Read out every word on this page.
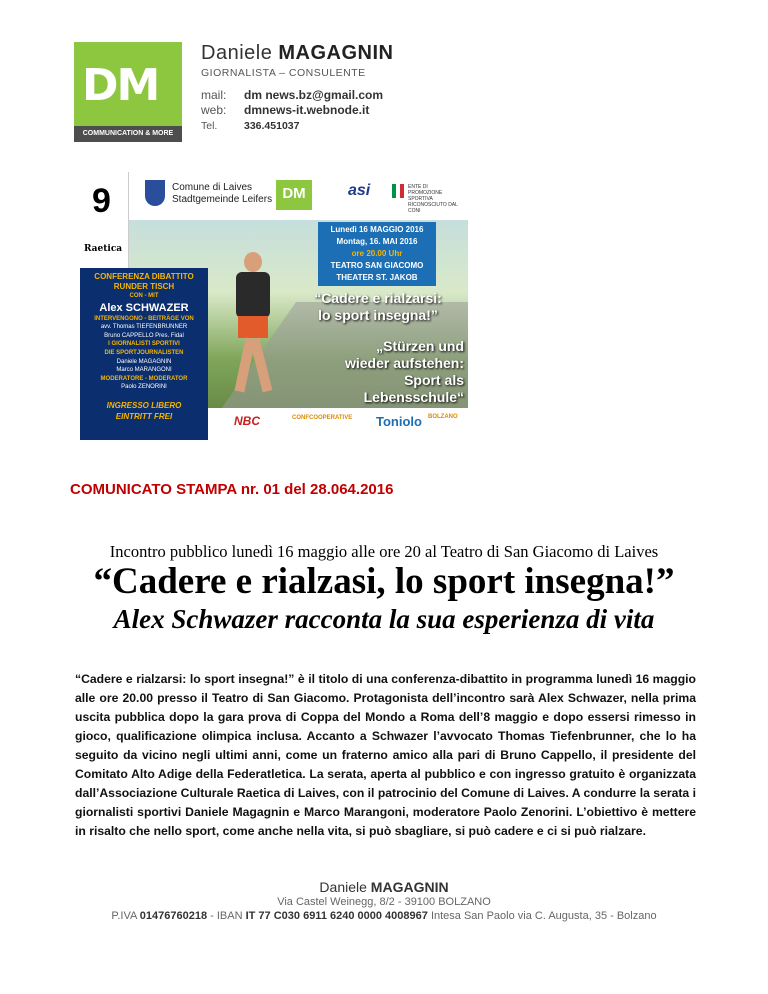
DM
COMMUNICATION & MORE
Daniele MAGAGNIN
GIORNALISTA – CONSULENTE
mail: dm news.bz@gmail.com
web: dmnews-it.webnode.it
Tel.	336.451037
9
Raetica
Comune di Laives
Stadtgemeinde Leifers DM	asi	ENTE DI PROMOZIONE SPORTIVA RICONOSCIUTO DAL CONI
Lunedì 16 MAGGIO 2016
Montag, 16. MAI 2016
ore 20.00 Uhr
TEATRO SAN GIACOMO
THEATER ST. JAKOB
“Cadere e rialzarsi:
lo sport insegna!”
„Stürzen und
wieder aufstehen:
Sport als
Lebensschule“
CONFERENZA DIBATTITO
RUNDER TISCH
CON - MIT
Alex SCHWAZER
INTERVENGONO - BEITRÄGE VON
avv. Thomas TIEFENBRUNNER
Bruno CAPPELLO Pres. Fidal
I GIORNALISTI SPORTIVI
DIE SPORTJOURNALISTEN
Daniele MAGAGNIN
Marco MARANGONI
MODERATORE - MODERATOR
Paolo ZENORINI
INGRESSO LIBERO
EINTRITT FREI	NBC	CONFCOOPERATIVE Toniolo BOLZANO
COMUNICATO STAMPA nr. 01 del 28.064.2016
Incontro pubblico lunedì 16 maggio alle ore 20 al Teatro di San Giacomo di Laives
“Cadere e rialzasi, lo sport insegna!”
Alex Schwazer racconta la sua esperienza di vita
“Cadere e rialzarsi: lo sport insegna!” è il titolo di una conferenza-dibattito in programma lunedì 16 maggio alle ore 20.00 presso il Teatro di San Giacomo. Protagonista dell’incontro sarà Alex Schwazer, nella prima uscita pubblica dopo la gara prova di Coppa del Mondo a Roma dell’8 maggio e dopo essersi rimesso in gioco, qualificazione olimpica inclusa. Accanto a Schwazer l’avvocato Thomas Tiefenbrunner, che lo ha seguito da vicino negli ultimi anni, come un fraterno amico alla pari di Bruno Cappello, il presidente del Comitato Alto Adige della Federatletica. La serata, aperta al pubblico e con ingresso gratuito è organizzata dall’Associazione Culturale Raetica di Laives, con il patrocinio del Comune di Laives. A condurre la serata i giornalisti sportivi Daniele Magagnin e Marco Marangoni, moderatore Paolo Zenorini. L’obiettivo è mettere in risalto che nello sport, come anche nella vita, si può sbagliare, si può cadere e ci si può rialzare.
Daniele MAGAGNIN
Via Castel Weinegg, 8/2 - 39100 BOLZANO
P.IVA 01476760218 - IBAN IT 77 C030 6911 6240 0000 4008967 Intesa San Paolo via C. Augusta, 35 - Bolzano
